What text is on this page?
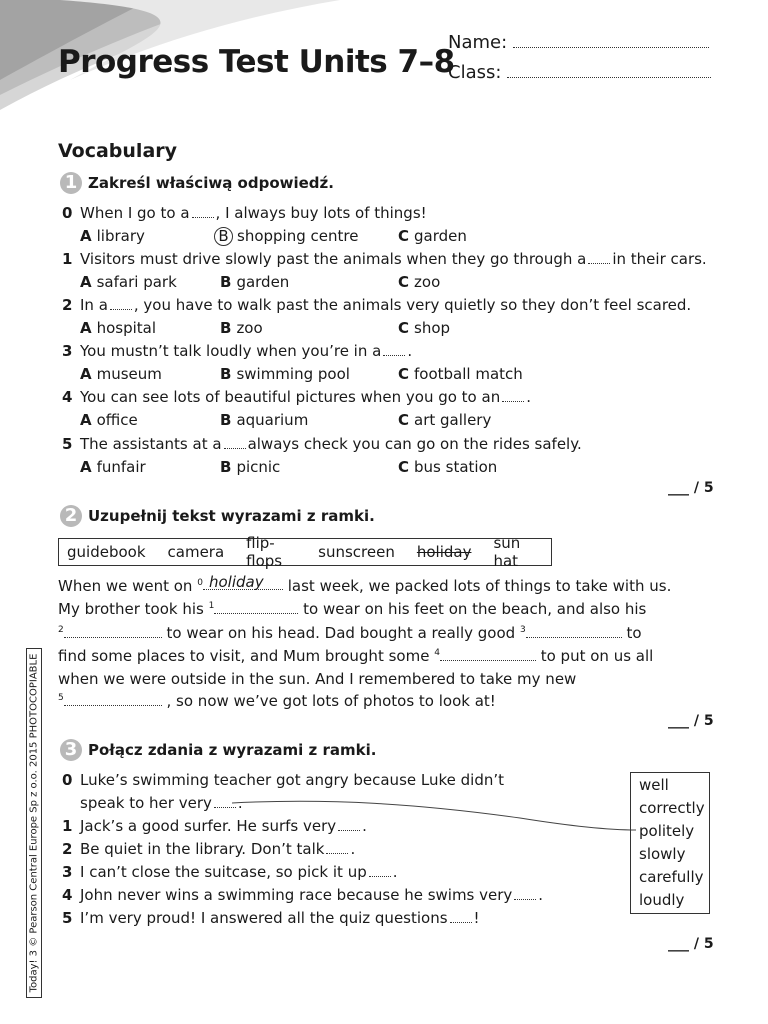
Progress Test Units 7–8
Name:
Class:
Vocabulary
1 Zakreśl właściwą odpowiedź.
0 When I go to a , I always buy lots of things!
A library	B shopping centre	C garden
1 Visitors must drive slowly past the animals when they go through a in their cars.
A safari park	B garden	C zoo
2 In a , you have to walk past the animals very quietly so they don’t feel scared.
A hospital	B zoo	C shop
3 You mustn’t talk loudly when you’re in a .
A museum	B swimming pool	C football match
4 You can see lots of beautiful pictures when you go to an .
A office	B aquarium	C art gallery
5 The assistants at a always check you can go on the rides safely.
A funfair	B picnic	C bus station
___ / 5
2 Uzupełnij tekst wyrazami z ramki.
guidebook camera flip-flops	sunscreen holiday sun hat
When we went on $^0$ holiday last week, we packed lots of things to take with us.
My brother took his $^1$	to wear on his feet on the beach, and also his
$^2$	to wear on his head. Dad bought a really good $^3$	to
find some places to visit, and Mum brought some $^4$	to put on us all
when we were outside in the sun. And I remembered to take my new
$^5$	, so now we’ve got lots of photos to look at!
___ / 5
3 Połącz zdania z wyrazami z ramki.
0 Luke’s swimming teacher got angry because Luke didn’t
speak to her very .
1 Jack’s a good surfer. He surfs very .
2 Be quiet in the library. Don’t talk .
3 I can’t close the suitcase, so pick it up .
4 John never wins a swimming race because he swims very .
5 I’m very proud! I answered all the quiz questions !
well
correctly
politely
slowly
carefully
loudly
___ / 5
Today! 3 © Pearson Central Europe Sp z o.o. 2015 PHOTOCOPIABLE
